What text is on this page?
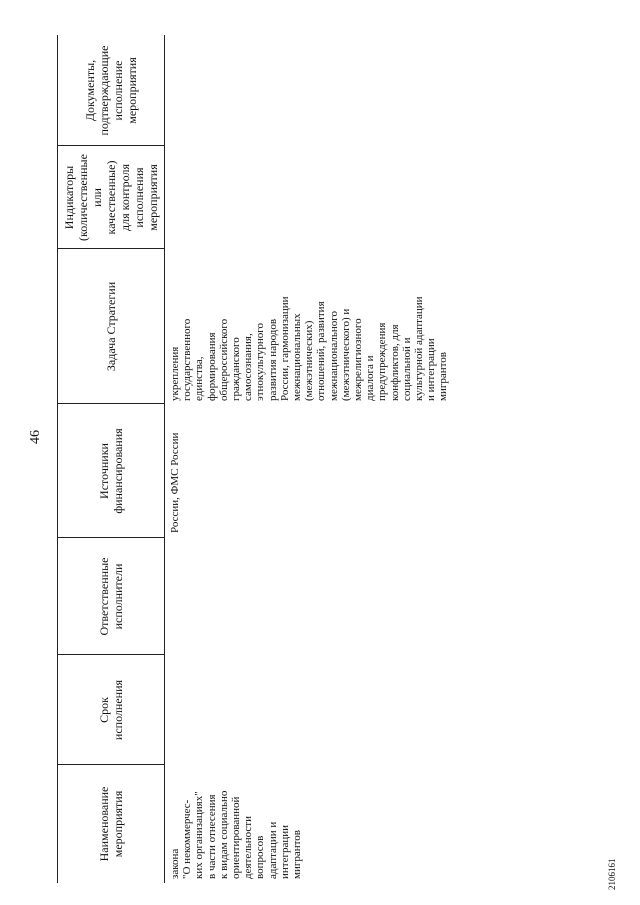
46
Наименование
мероприятия
Срок
исполнения
Ответственные
исполнители
Источники
финансирования
Задача Стратегии
Индикаторы
(количественные
или качественные)
для контроля
исполнения
мероприятия
Документы,
подтверждающие
исполнение
мероприятия
закона
"О некоммерчес-
ких организациях"
в части отнесения
к видам социально
ориентированной
деятельности
вопросов
адаптации и
интеграции
мигрантов
России, ФМС России
укрепления
государственного
единства,
формирования
общероссийского
гражданского
самосознания,
этнокультурного
развития народов
России, гармонизации
межнациональных
(межэтнических)
отношений, развития
межнационального
(межэтнического) и
межрелигиозного
диалога и
предупреждения
конфликтов, для
социальной и
культурной адаптации
и интеграции
мигрантов
2106161
